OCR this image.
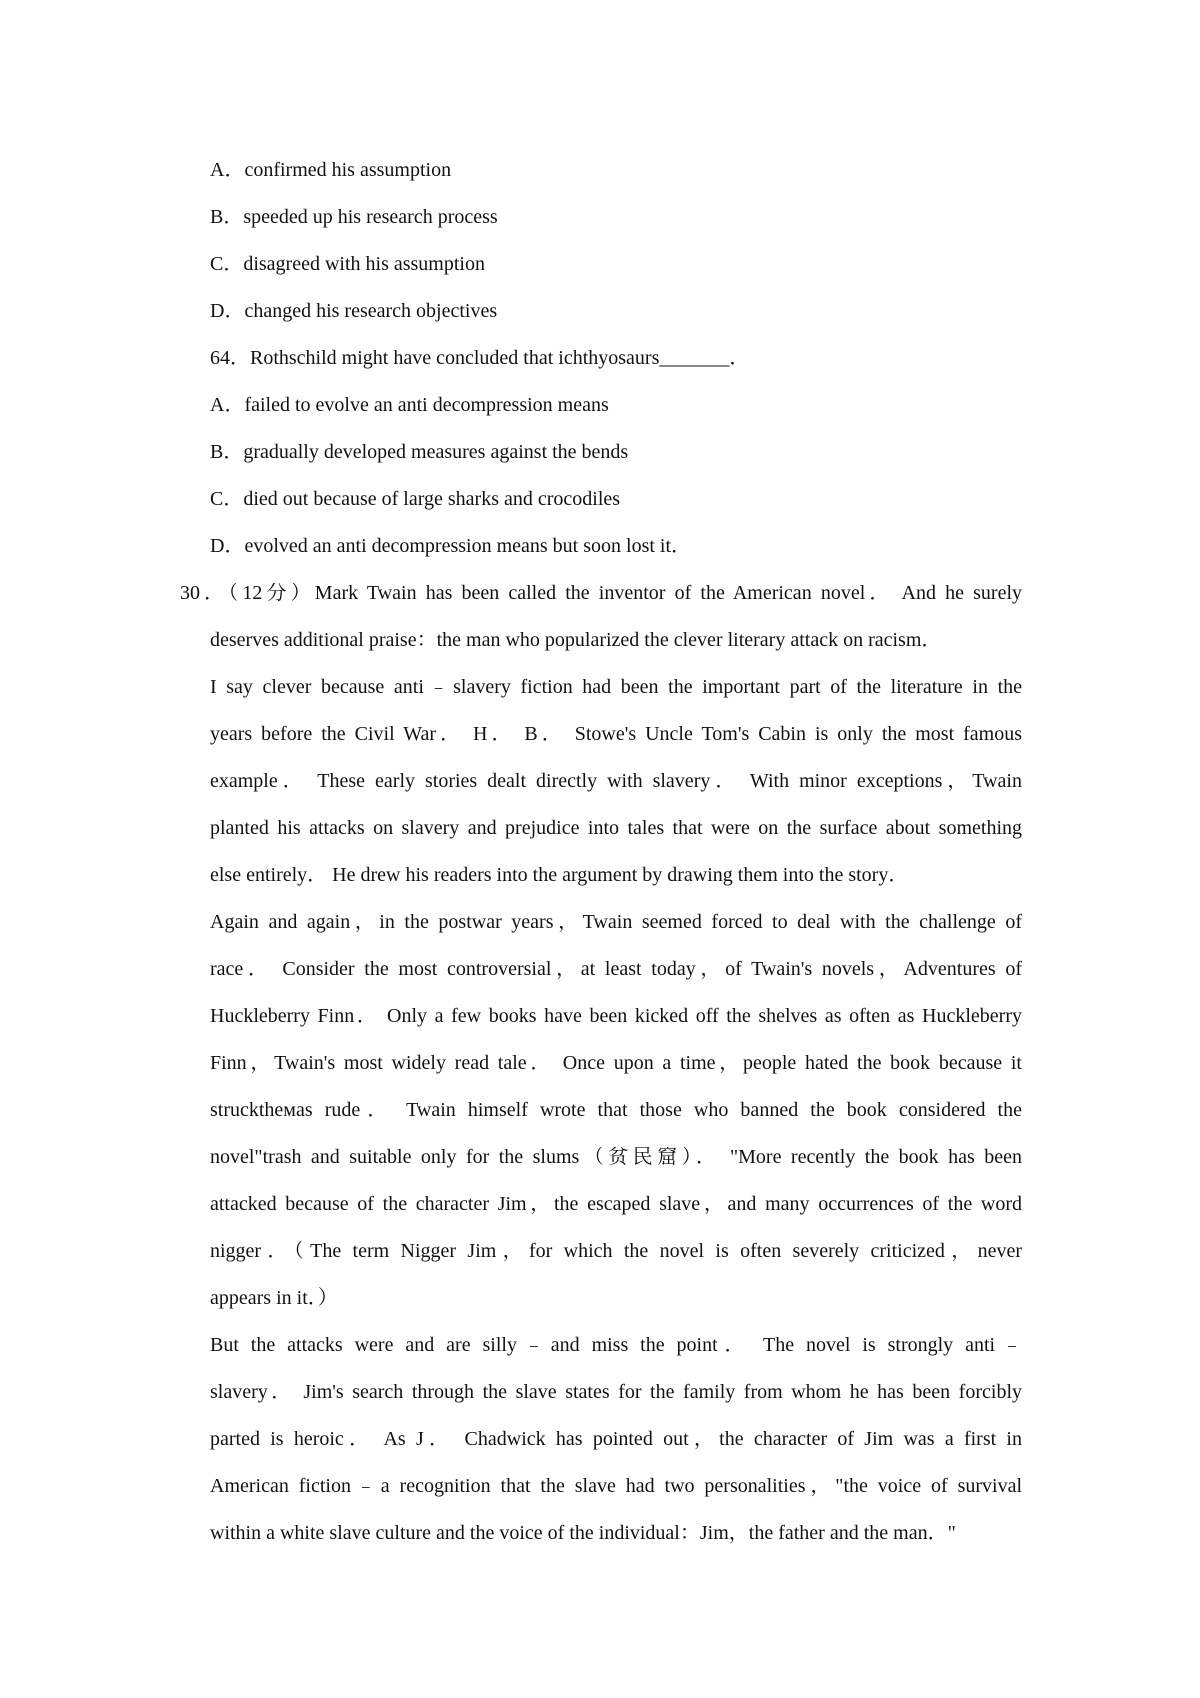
A．confirmed his assumption
B．speeded up his research process
C．disagreed with his assumption
D．changed his research objectives
64．Rothschild might have concluded that ichthyosaurs_______．
A．failed to evolve an anti decompression means
B．gradually developed measures against the bends
C．died out because of large sharks and crocodiles
D．evolved an anti decompression means but soon lost it．
30．（12分）Mark Twain has been called the inventor of the American novel． And he surely
deserves additional praise：the man who popularized the clever literary attack on racism．
I say clever because anti﹣slavery fiction had been the important part of the literature in the
years before the Civil War． H． B． Stowe's Uncle Tom's Cabin is only the most famous
example． These early stories dealt directly with slavery． With minor exceptions，Twain
planted his attacks on slavery and prejudice into tales that were on the surface about something
else entirely． He drew his readers into the argument by drawing them into the story．
Again and again，in the postwar years，Twain seemed forced to deal with the challenge of
race． Consider the most controversial，at least today，of Twain's novels，Adventures of
Huckleberry Finn． Only a few books have been kicked off the shelves as often as Huckleberry
Finn，Twain's most widely read tale． Once upon a time，people hated the book because it
strucktheмas rude． Twain himself wrote that those who banned the book considered the
novel"trash and suitable only for the slums（贫民窟）． "More recently the book has been
attacked because of the character Jim，the escaped slave，and many occurrences of the word
nigger．（The term Nigger Jim，for which the novel is often severely criticized，never
appears in it．）
But the attacks were and are silly﹣and miss the point． The novel is strongly anti﹣
slavery． Jim's search through the slave states for the family from whom he has been forcibly
parted is heroic． As J． Chadwick has pointed out，the character of Jim was a first in
American fiction﹣a recognition that the slave had two personalities，"the voice of survival
within a white slave culture and the voice of the individual：Jim，the father and the man．"
